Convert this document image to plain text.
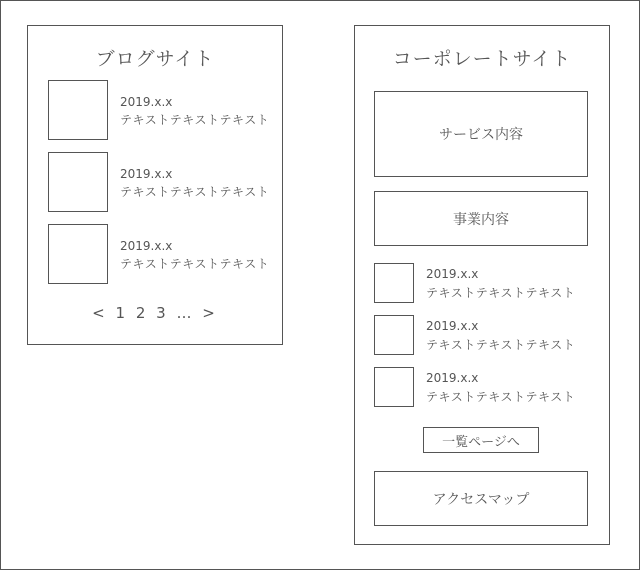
ブログサイト
2019.x.x
テキストテキストテキスト
2019.x.x
テキストテキストテキスト
2019.x.x
テキストテキストテキスト
< 1 2 3 … >
コーポレートサイト
サービス内容
事業内容
2019.x.x
テキストテキストテキスト
2019.x.x
テキストテキストテキスト
2019.x.x
テキストテキストテキスト
一覧ページへ
アクセスマップ
